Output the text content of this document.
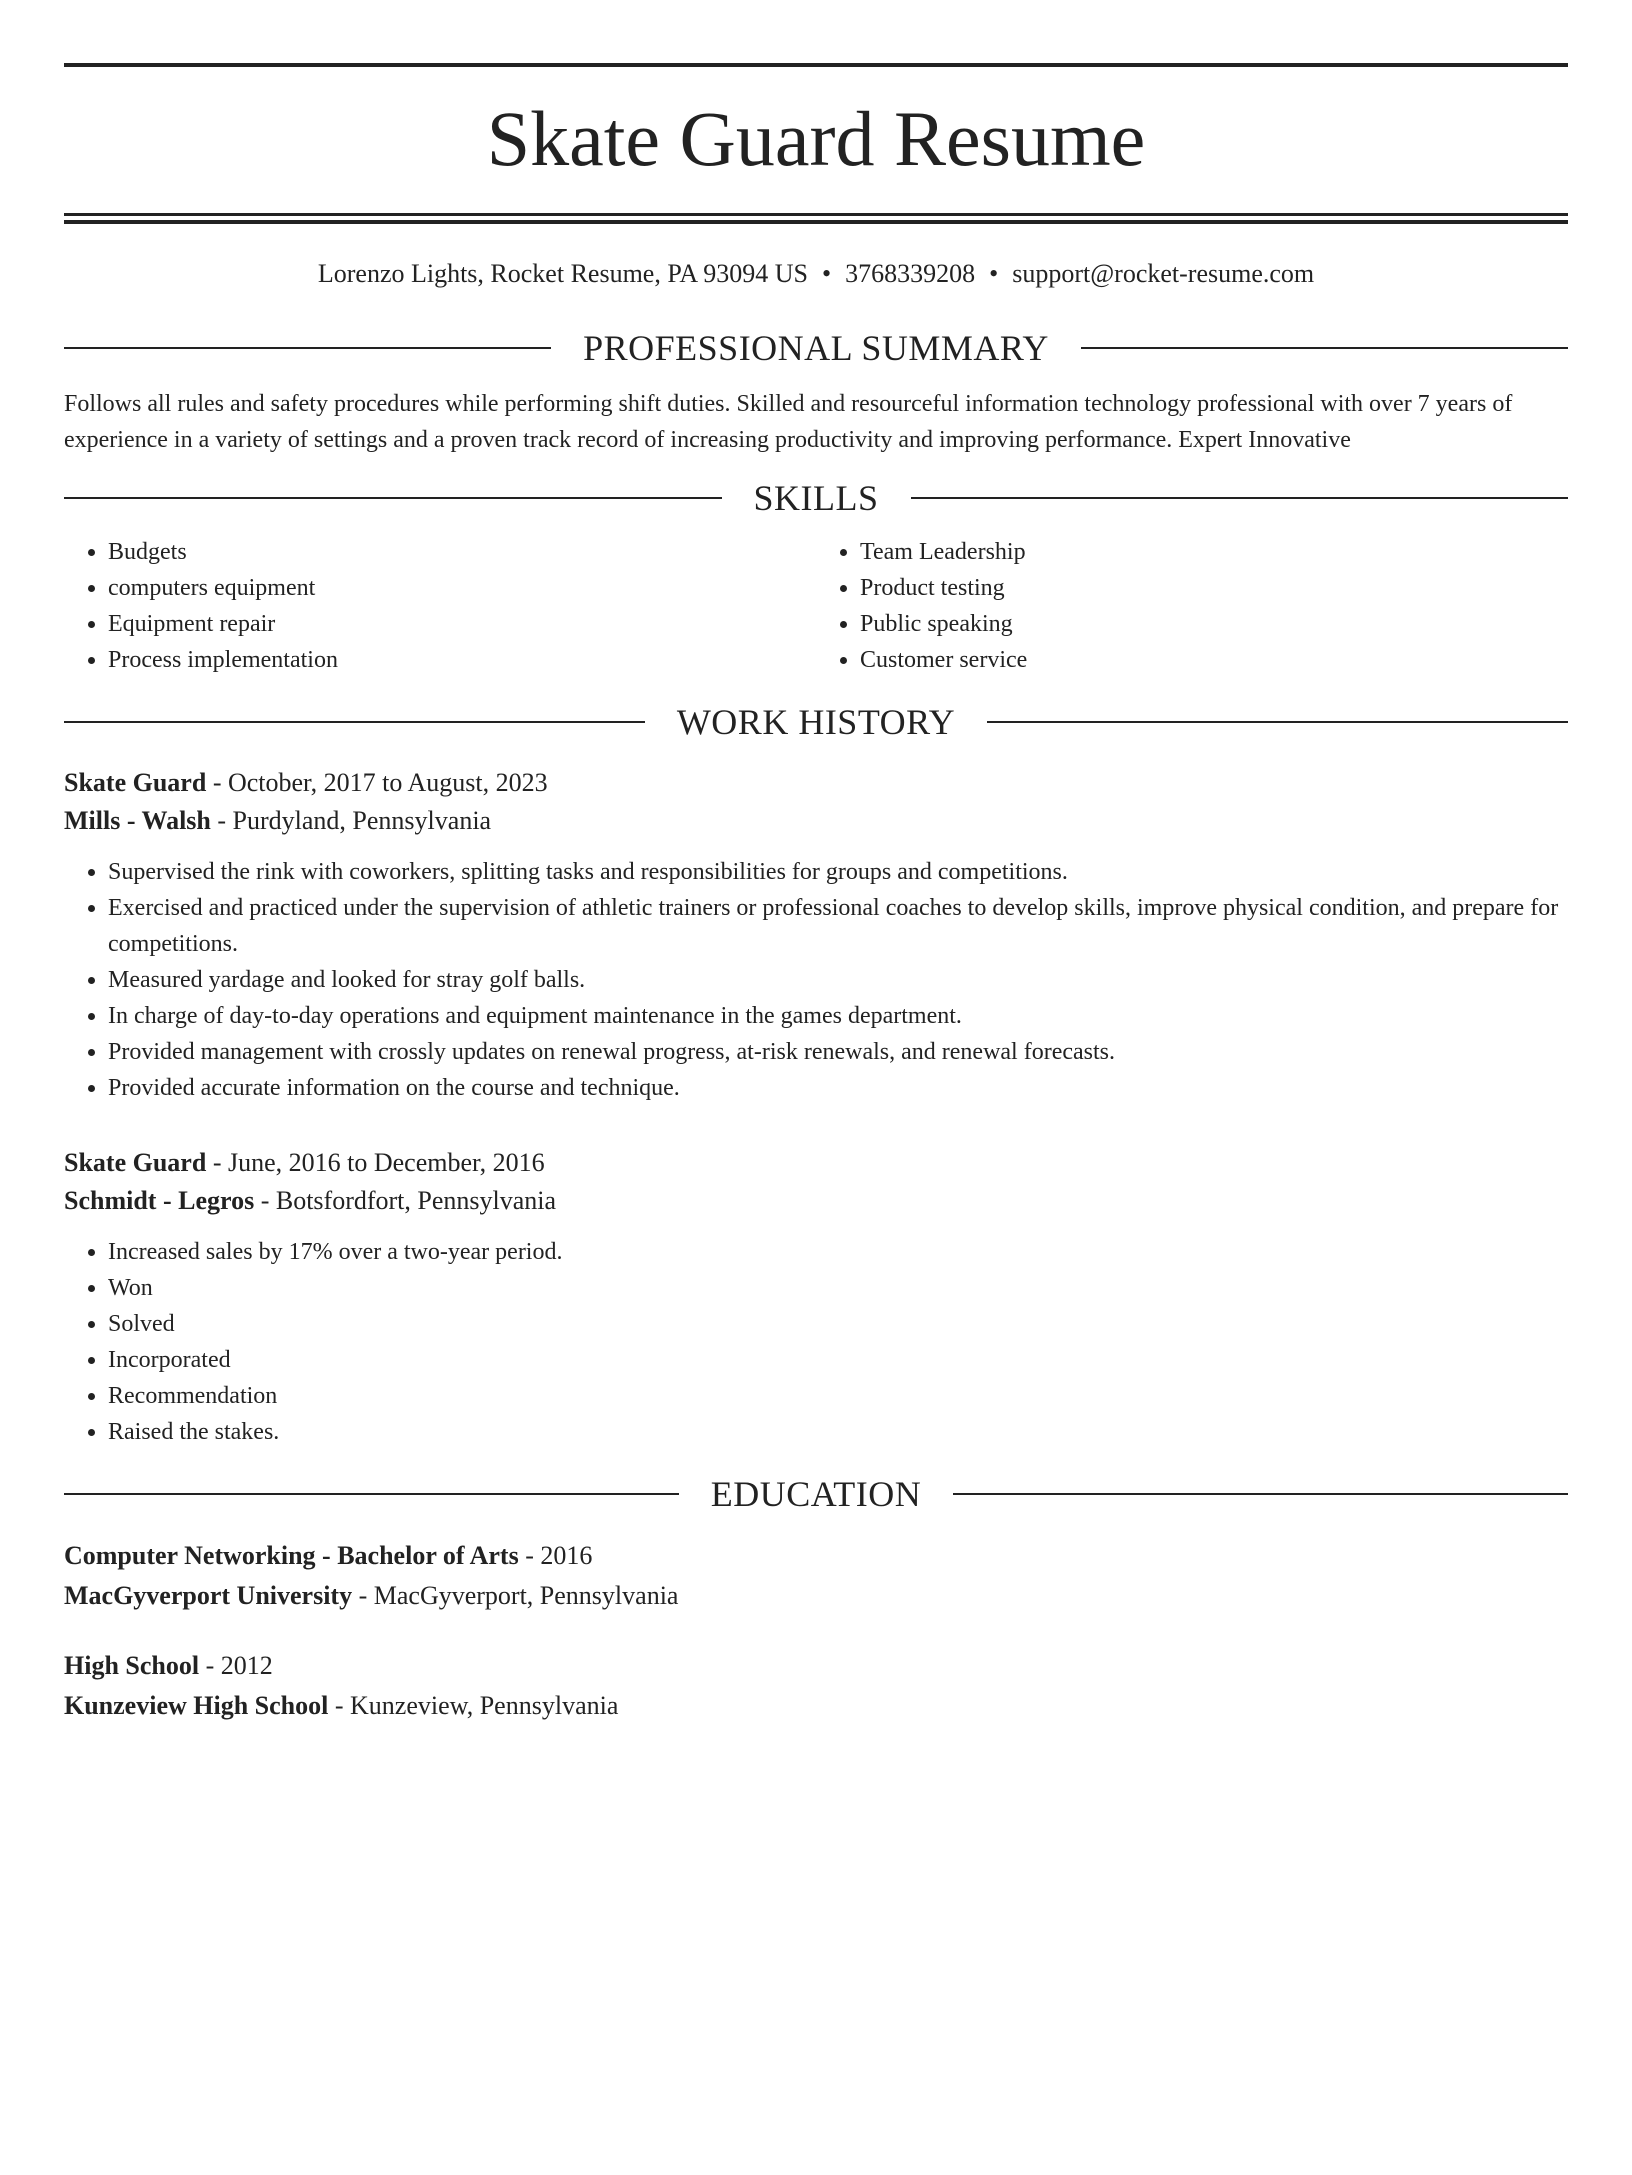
Skate Guard Resume
Lorenzo Lights, Rocket Resume, PA 93094 US • 3768339208 • support@rocket-resume.com
PROFESSIONAL SUMMARY

Follows all rules and safety procedures while performing shift duties. Skilled and resourceful information technology professional with over 7 years of experience in a variety of settings and a proven track record of increasing productivity and improving performance. Expert Innovative

SKILLS
• Budgets
• computers equipment
• Equipment repair
• Process implementation
• Team Leadership
• Product testing
• Public speaking
• Customer service
WORK HISTORY
Skate Guard - October, 2017 to August, 2023
Mills - Walsh - Purdyland, Pennsylvania
• Supervised the rink with coworkers, splitting tasks and responsibilities for groups and competitions.
• Exercised and practiced under the supervision of athletic trainers or professional coaches to develop skills, improve physical condition, and prepare for competitions.
• Measured yardage and looked for stray golf balls.
• In charge of day-to-day operations and equipment maintenance in the games department.
• Provided management with crossly updates on renewal progress, at-risk renewals, and renewal forecasts.
• Provided accurate information on the course and technique.
Skate Guard - June, 2016 to December, 2016
Schmidt - Legros - Botsfordfort, Pennsylvania
• Increased sales by 17% over a two-year period.
• Won
• Solved
• Incorporated
• Recommendation
• Raised the stakes.
EDUCATION
Computer Networking - Bachelor of Arts - 2016
MacGyverport University - MacGyverport, Pennsylvania
High School - 2012
Kunzeview High School - Kunzeview, Pennsylvania
